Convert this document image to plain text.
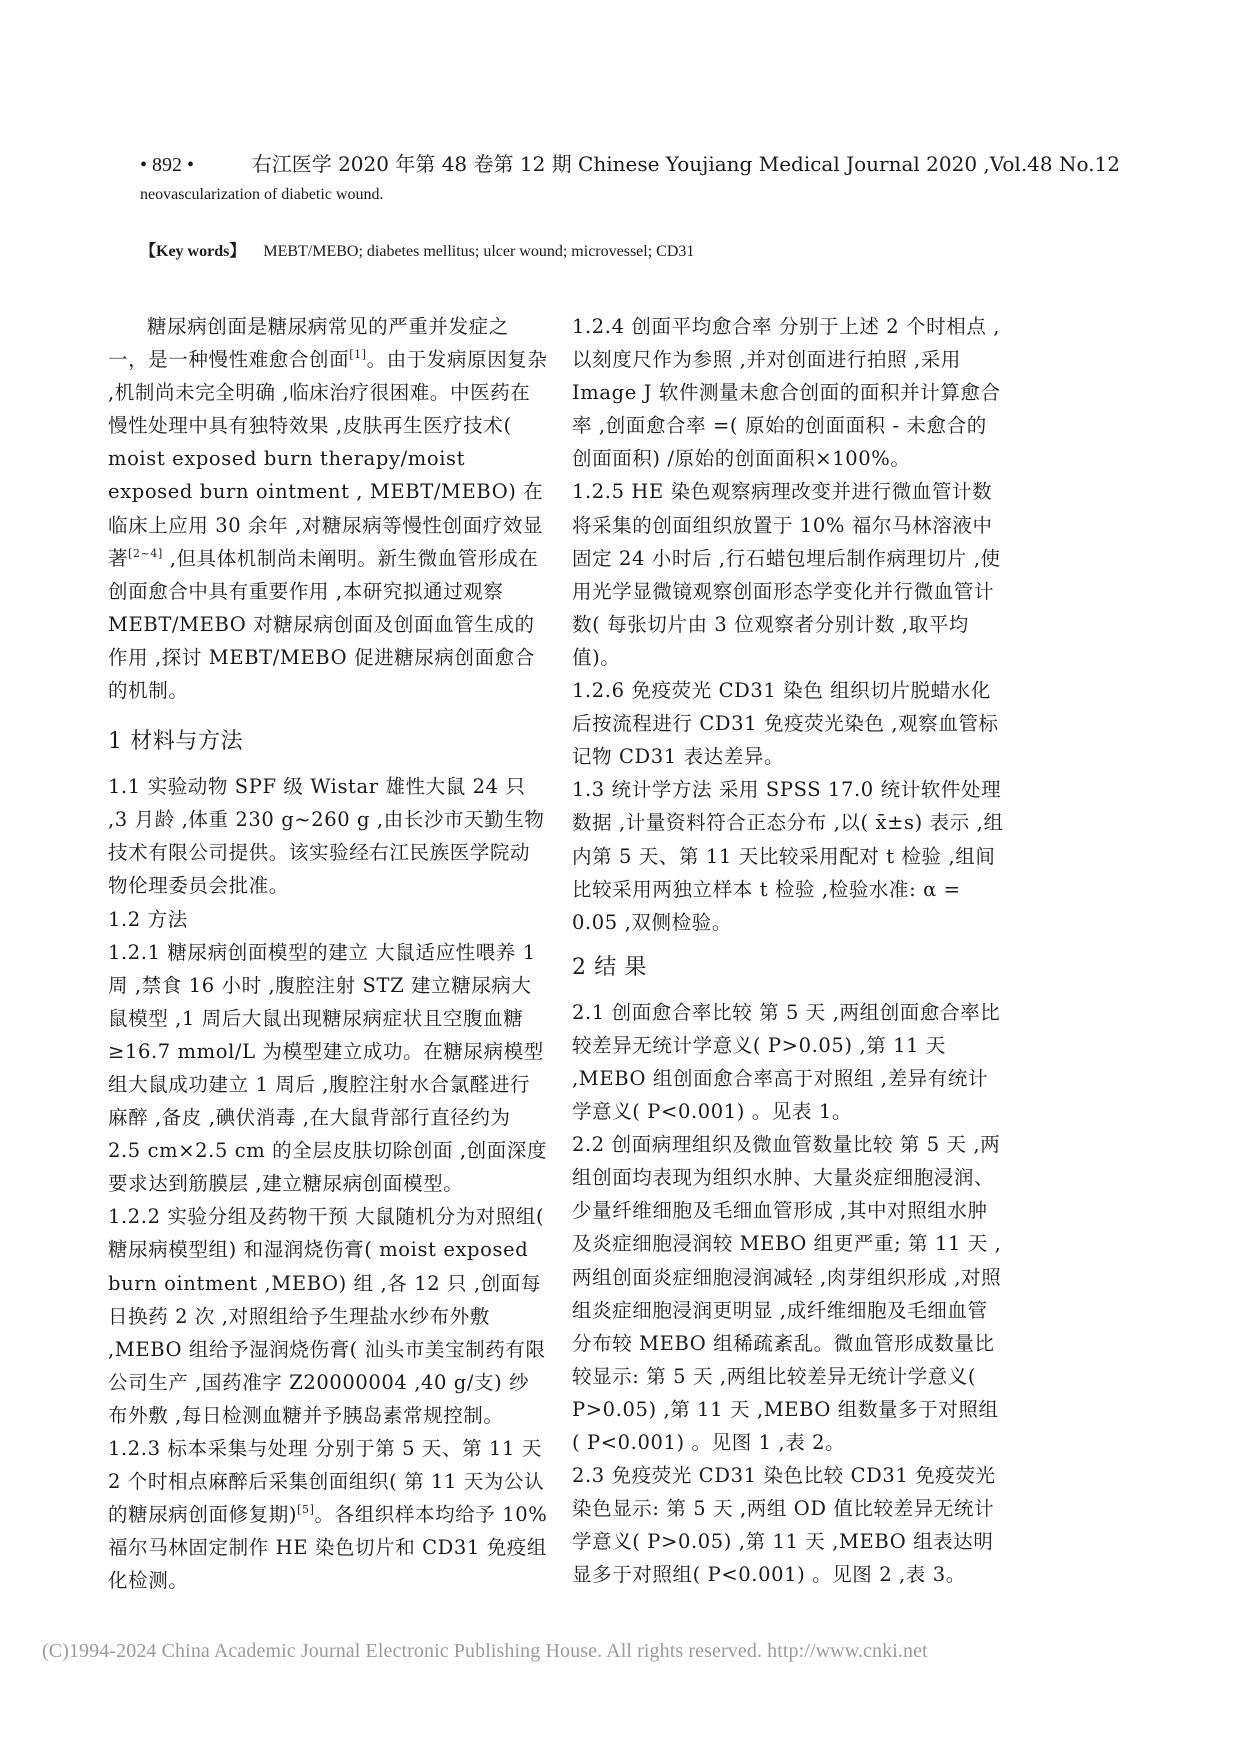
• 892 •	右江医学 2020 年第 48 卷第 12 期 Chinese Youjiang Medical Journal 2020 ,Vol.48 No.12
neovascularization of diabetic wound.
【Key words】 MEBT/MEBO; diabetes mellitus; ulcer wound; microvessel; CD31

糖尿病创面是糖尿病常见的严重并发症之一，是一种慢性难愈合创面[1]。由于发病原因复杂 ,机制尚未完全明确 ,临床治疗很困难。中医药在慢性处理中具有独特效果 ,皮肤再生医疗技术( moist exposed burn therapy/moist exposed burn ointment , MEBT/MEBO) 在临床上应用 30 余年 ,对糖尿病等慢性创面疗效显著[2~4] ,但具体机制尚未阐明。新生微血管形成在创面愈合中具有重要作用 ,本研究拟通过观察 MEBT/MEBO 对糖尿病创面及创面血管生成的作用 ,探讨 MEBT/MEBO 促进糖尿病创面愈合的机制。

1 材料与方法

1.1 实验动物 SPF 级 Wistar 雄性大鼠 24 只 ,3 月龄 ,体重 230 g~260 g ,由长沙市天勤生物技术有限公司提供。该实验经右江民族医学院动物伦理委员会批准。

1.2 方法

1.2.1 糖尿病创面模型的建立 大鼠适应性喂养 1 周 ,禁食 16 小时 ,腹腔注射 STZ 建立糖尿病大鼠模型 ,1 周后大鼠出现糖尿病症状且空腹血糖 ≥16.7 mmol/L 为模型建立成功。在糖尿病模型组大鼠成功建立 1 周后 ,腹腔注射水合氯醛进行麻醉 ,备皮 ,碘伏消毒 ,在大鼠背部行直径约为 2.5 cm×2.5 cm 的全层皮肤切除创面 ,创面深度要求达到筋膜层 ,建立糖尿病创面模型。

1.2.2 实验分组及药物干预 大鼠随机分为对照组( 糖尿病模型组) 和湿润烧伤膏( moist exposed burn ointment ,MEBO) 组 ,各 12 只 ,创面每日换药 2 次 ,对照组给予生理盐水纱布外敷 ,MEBO 组给予湿润烧伤膏( 汕头市美宝制药有限公司生产 ,国药准字 Z20000004 ,40 g/支) 纱布外敷 ,每日检测血糖并予胰岛素常规控制。

1.2.3 标本采集与处理 分别于第 5 天、第 11 天 2 个时相点麻醉后采集创面组织( 第 11 天为公认的糖尿病创面修复期)[5]。各组织样本均给予 10% 福尔马林固定制作 HE 染色切片和 CD31 免疫组化检测。

1.2.4 创面平均愈合率 分别于上述 2 个时相点 ,以刻度尺作为参照 ,并对创面进行拍照 ,采用 Image J 软件测量未愈合创面的面积并计算愈合率 ,创面愈合率 =( 原始的创面面积 - 未愈合的创面面积) /原始的创面面积×100%。

1.2.5 HE 染色观察病理改变并进行微血管计数 将采集的创面组织放置于 10% 福尔马林溶液中固定 24 小时后 ,行石蜡包埋后制作病理切片 ,使用光学显微镜观察创面形态学变化并行微血管计数( 每张切片由 3 位观察者分别计数 ,取平均值)。

1.2.6 免疫荧光 CD31 染色 组织切片脱蜡水化后按流程进行 CD31 免疫荧光染色 ,观察血管标记物 CD31 表达差异。

1.3 统计学方法 采用 SPSS 17.0 统计软件处理数据 ,计量资料符合正态分布 ,以( x̄±s) 表示 ,组内第 5 天、第 11 天比较采用配对 t 检验 ,组间比较采用两独立样本 t 检验 ,检验水准: α = 0.05 ,双侧检验。

2 结 果

2.1 创面愈合率比较 第 5 天 ,两组创面愈合率比较差异无统计学意义( P>0.05) ,第 11 天 ,MEBO 组创面愈合率高于对照组 ,差异有统计学意义( P<0.001) 。见表 1。

2.2 创面病理组织及微血管数量比较 第 5 天 ,两组创面均表现为组织水肿、大量炎症细胞浸润、少量纤维细胞及毛细血管形成 ,其中对照组水肿及炎症细胞浸润较 MEBO 组更严重; 第 11 天 ,两组创面炎症细胞浸润减轻 ,肉芽组织形成 ,对照组炎症细胞浸润更明显 ,成纤维细胞及毛细血管分布较 MEBO 组稀疏紊乱。微血管形成数量比较显示: 第 5 天 ,两组比较差异无统计学意义( P>0.05) ,第 11 天 ,MEBO 组数量多于对照组( P<0.001) 。见图 1 ,表 2。

2.3 免疫荧光 CD31 染色比较 CD31 免疫荧光染色显示: 第 5 天 ,两组 OD 值比较差异无统计学意义( P>0.05) ,第 11 天 ,MEBO 组表达明显多于对照组( P<0.001) 。见图 2 ,表 3。

(C)1994-2024 China Academic Journal Electronic Publishing House. All rights reserved. http://www.cnki.net
